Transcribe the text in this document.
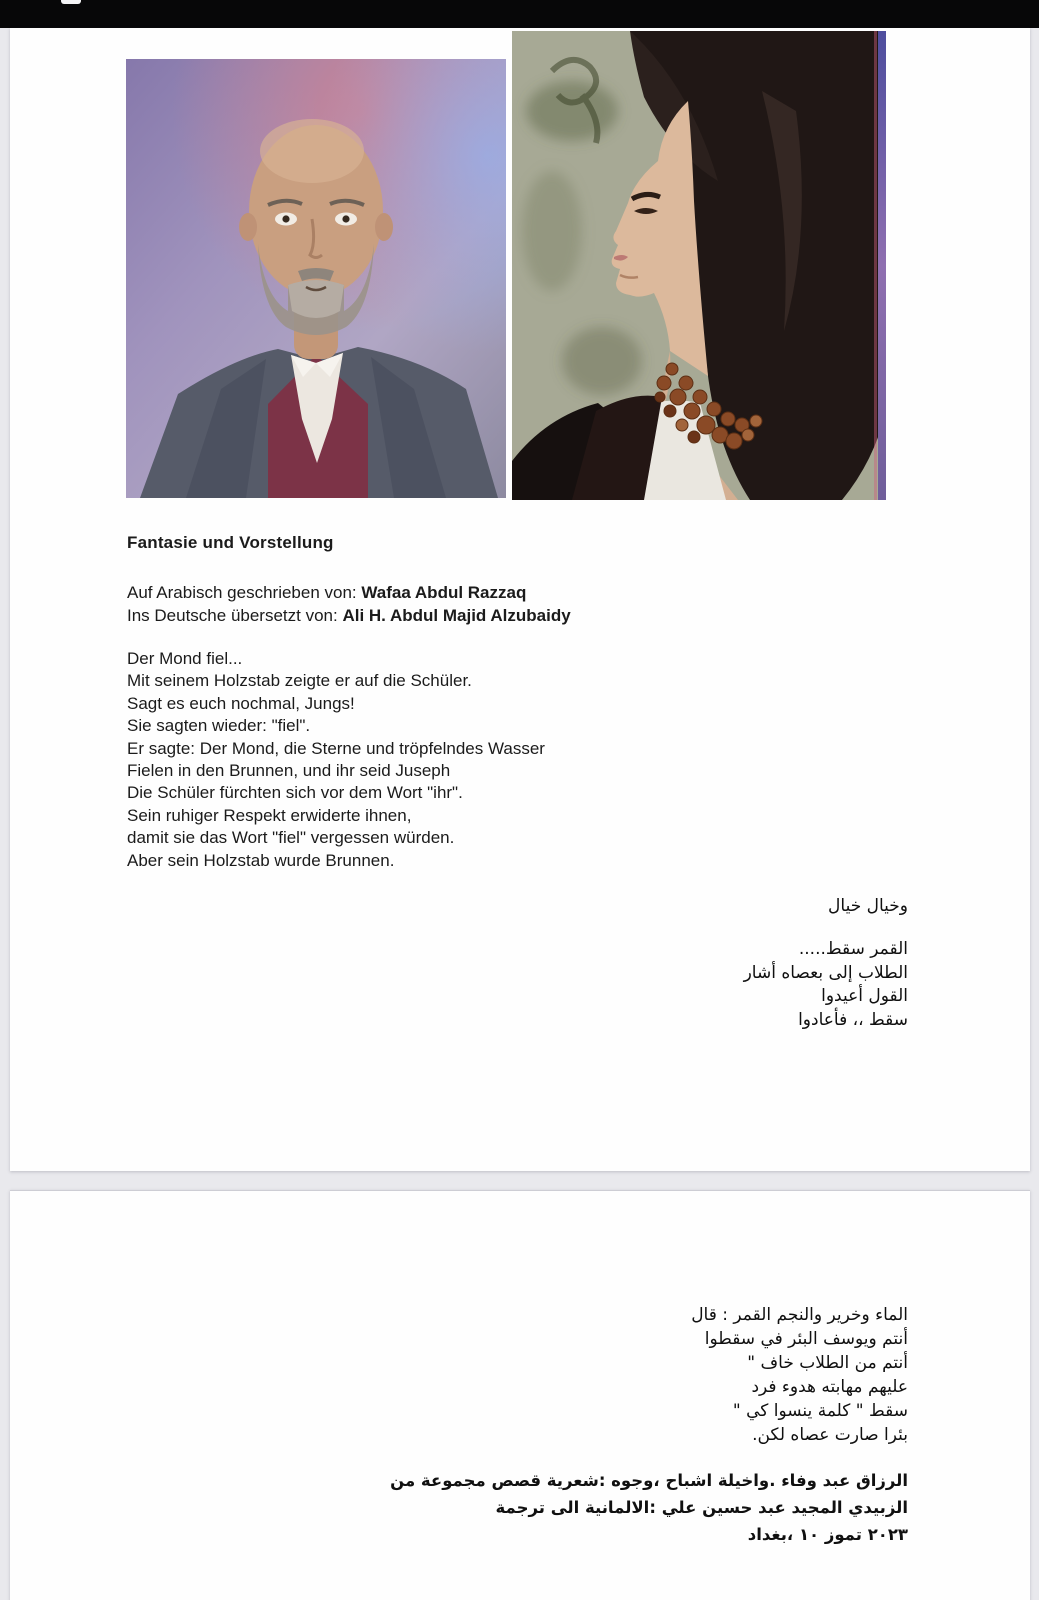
Fantasie und Vorstellung
Auf Arabisch geschrieben von: Wafaa Abdul Razzaq
Ins Deutsche übersetzt von: Ali H. Abdul Majid Alzubaidy
Der Mond fiel...
Mit seinem Holzstab zeigte er auf die Schüler.
Sagt es euch nochmal, Jungs!
Sie sagten wieder: "fiel".
Er sagte: Der Mond, die Sterne und tröpfelndes Wasser
Fielen in den Brunnen, und ihr seid Juseph
Die Schüler fürchten sich vor dem Wort "ihr".
Sein ruhiger Respekt erwiderte ihnen,
damit sie das Wort "fiel" vergessen würden.
Aber sein Holzstab wurde Brunnen.
خيال وخيال
.....سقط القمر
أشار بعصاه إلى الطلاب
أعيدوا القول
فأعادوا ،، سقط
قال : القمر والنجم وخرير الماء
سقطوا في البئر ويوسف أنتم
" خاف الطلاب من أنتم
فرد هدوء مهابته عليهم
" كي ينسوا كلمة " سقط
.لكن عصاه صارت بئرا
من مجموعة قصص شعرية: وجوه، اشباح واخيلة. وفاء عبد الرزاق
ترجمة الى الالمانية: علي حسين عبد المجيد الزبيدي
بغداد، ١٠ تموز ٢٠٢٣
